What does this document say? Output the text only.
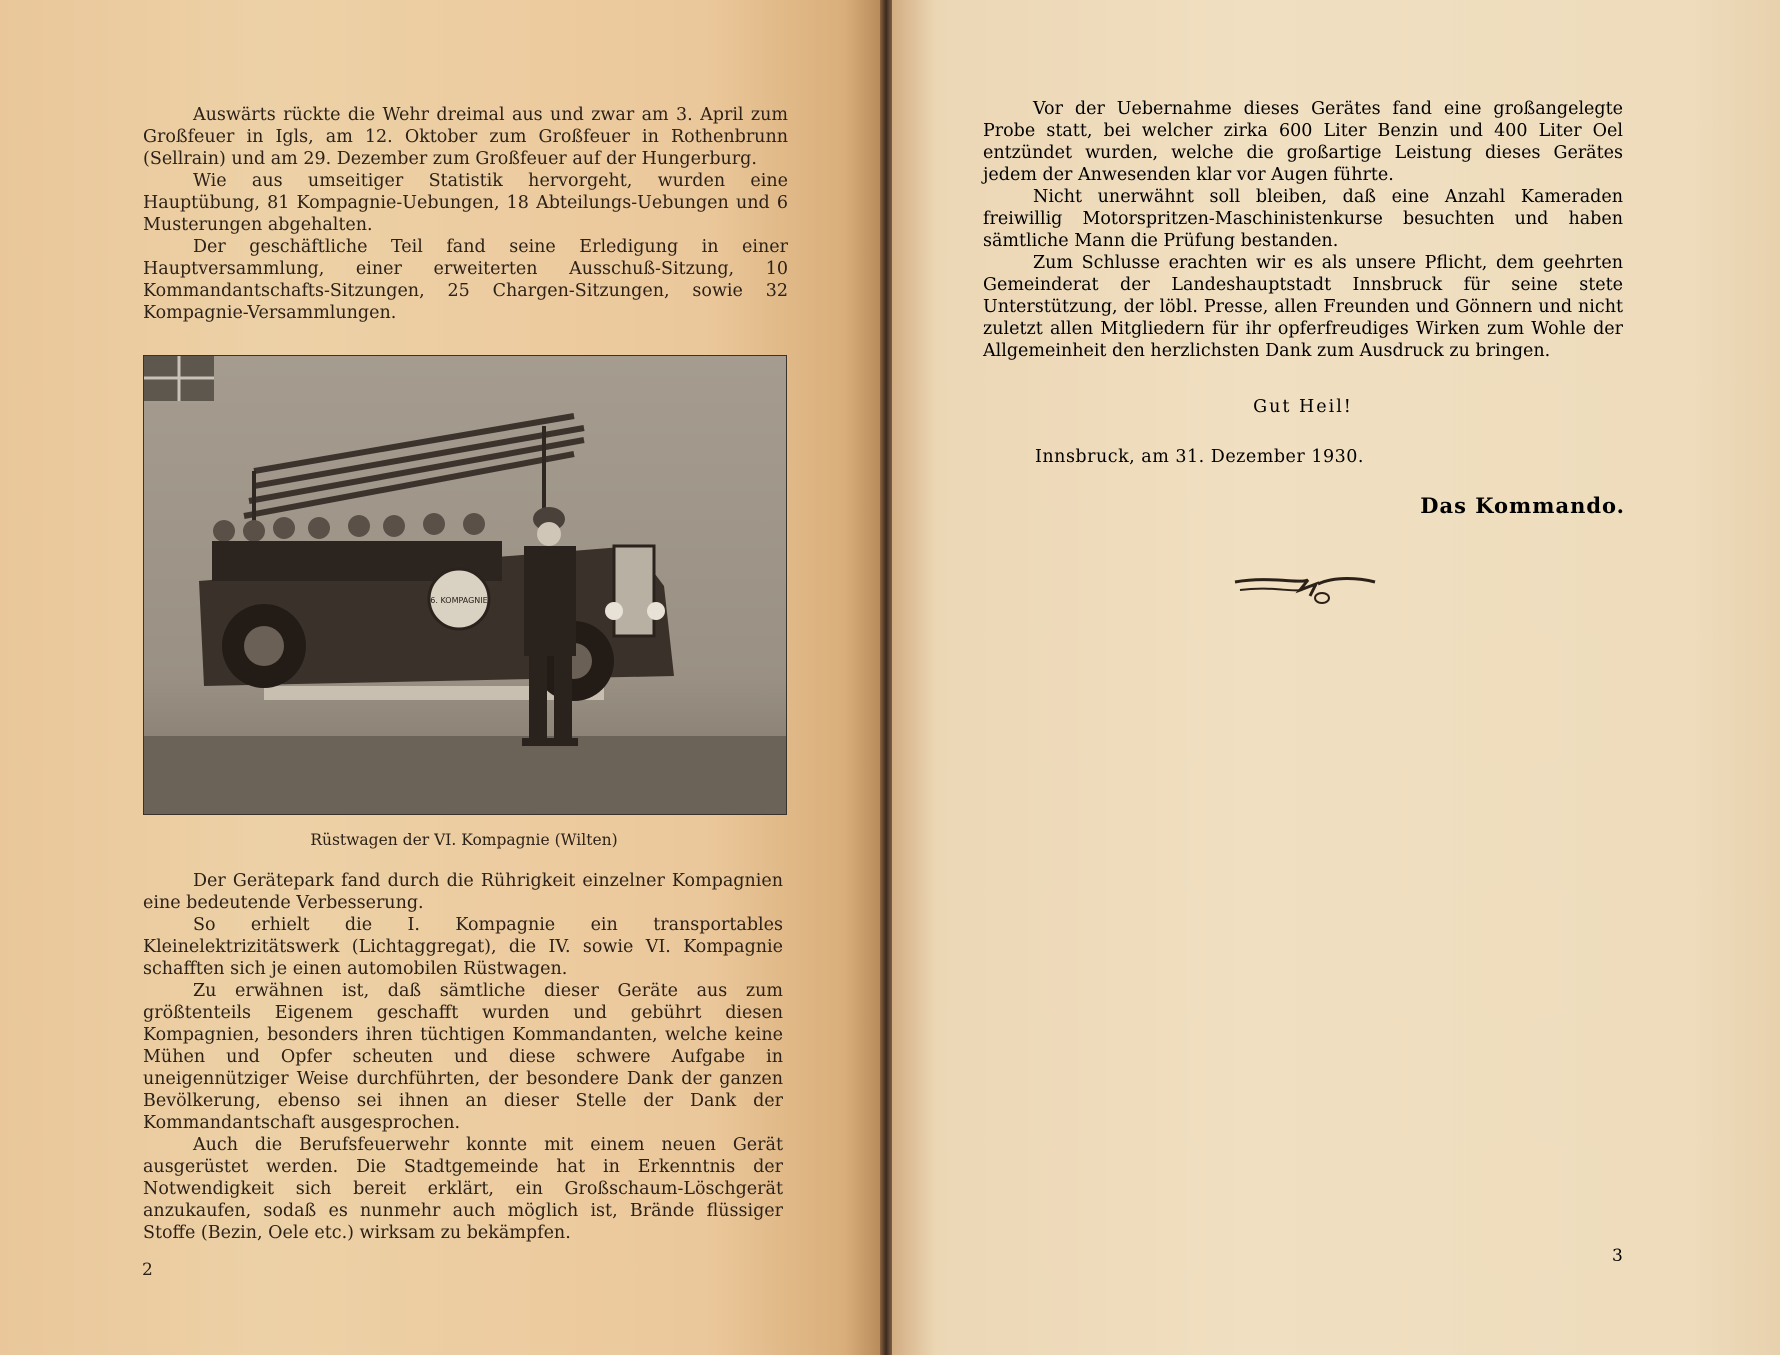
Auswärts rückte die Wehr dreimal aus und zwar am 3. April zum Großfeuer in Igls, am 12. Oktober zum Großfeuer in Rothenbrunn (Sellrain) und am 29. Dezember zum Großfeuer auf der Hungerburg.

Wie aus umseitiger Statistik hervorgeht, wurden eine Hauptübung, 81 Kompagnie-Uebungen, 18 Abteilungs-Uebungen und 6 Musterungen abgehalten.

Der geschäftliche Teil fand seine Erledigung in einer Hauptversammlung, einer erweiterten Ausschuß-Sitzung, 10 Kommandantschafts-Sitzungen, 25 Chargen-Sitzungen, sowie 32 Kompagnie-Versammlungen.

6. KOMPAGNIE
Rüstwagen der VI. Kompagnie (Wilten)

Der Gerätepark fand durch die Rührigkeit einzelner Kompagnien eine bedeutende Verbesserung.

So erhielt die I. Kompagnie ein transportables Kleinelektrizitätswerk (Lichtaggregat), die IV. sowie VI. Kompagnie schafften sich je einen automobilen Rüstwagen.

Zu erwähnen ist, daß sämtliche dieser Geräte aus zum größtenteils Eigenem geschafft wurden und gebührt diesen Kompagnien, besonders ihren tüchtigen Kommandanten, welche keine Mühen und Opfer scheuten und diese schwere Aufgabe in uneigennütziger Weise durchführten, der besondere Dank der ganzen Bevölkerung, ebenso sei ihnen an dieser Stelle der Dank der Kommandantschaft ausgesprochen.

Auch die Berufsfeuerwehr konnte mit einem neuen Gerät ausgerüstet werden. Die Stadtgemeinde hat in Erkenntnis der Notwendigkeit sich bereit erklärt, ein Großschaum-Löschgerät anzukaufen, sodaß es nunmehr auch möglich ist, Brände flüssiger Stoffe (Bezin, Oele etc.) wirksam zu bekämpfen.

2

Vor der Uebernahme dieses Gerätes fand eine großangelegte Probe statt, bei welcher zirka 600 Liter Benzin und 400 Liter Oel entzündet wurden, welche die großartige Leistung dieses Gerätes jedem der Anwesenden klar vor Augen führte.

Nicht unerwähnt soll bleiben, daß eine Anzahl Kameraden freiwillig Motorspritzen-Maschinistenkurse besuchten und haben sämtliche Mann die Prüfung bestanden.

Zum Schlusse erachten wir es als unsere Pflicht, dem geehrten Gemeinderat der Landeshauptstadt Innsbruck für seine stete Unterstützung, der löbl. Presse, allen Freunden und Gönnern und nicht zuletzt allen Mitgliedern für ihr opferfreudiges Wirken zum Wohle der Allgemeinheit den herzlichsten Dank zum Ausdruck zu bringen.

Gut Heil!
Innsbruck, am 31. Dezember 1930.
Das Kommando.
3
